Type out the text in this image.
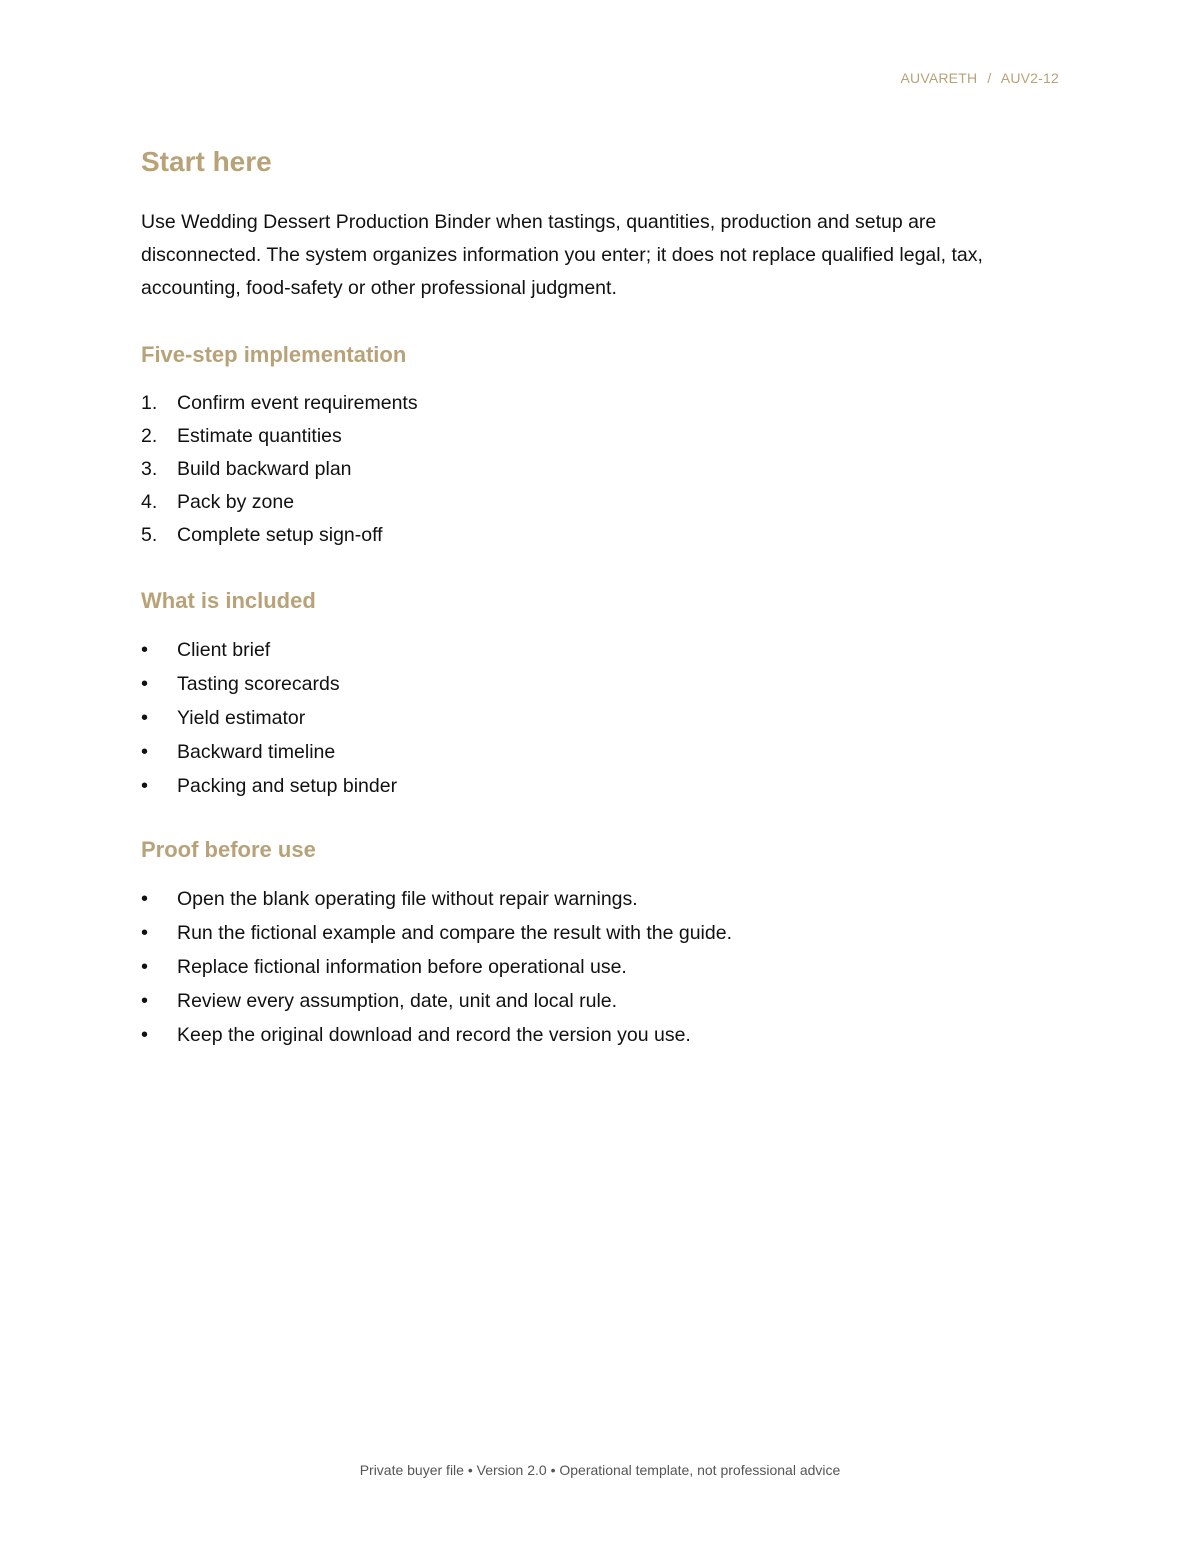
AUVARETH / AUV2-12
Start here

Use Wedding Dessert Production Binder when tastings, quantities, production and setup are disconnected. The system organizes information you enter; it does not replace qualified legal, tax, accounting, food-safety or other professional judgment.

Five-step implementation
1.	Confirm event requirements
2.	Estimate quantities
3.	Build backward plan
4.	Pack by zone
5.	Complete setup sign-off
What is included
•	Client brief
•	Tasting scorecards
•	Yield estimator
•	Backward timeline
•	Packing and setup binder
Proof before use
•	Open the blank operating file without repair warnings.
•	Run the fictional example and compare the result with the guide.
•	Replace fictional information before operational use.
•	Review every assumption, date, unit and local rule.
•	Keep the original download and record the version you use.
Private buyer file • Version 2.0 • Operational template, not professional advice
